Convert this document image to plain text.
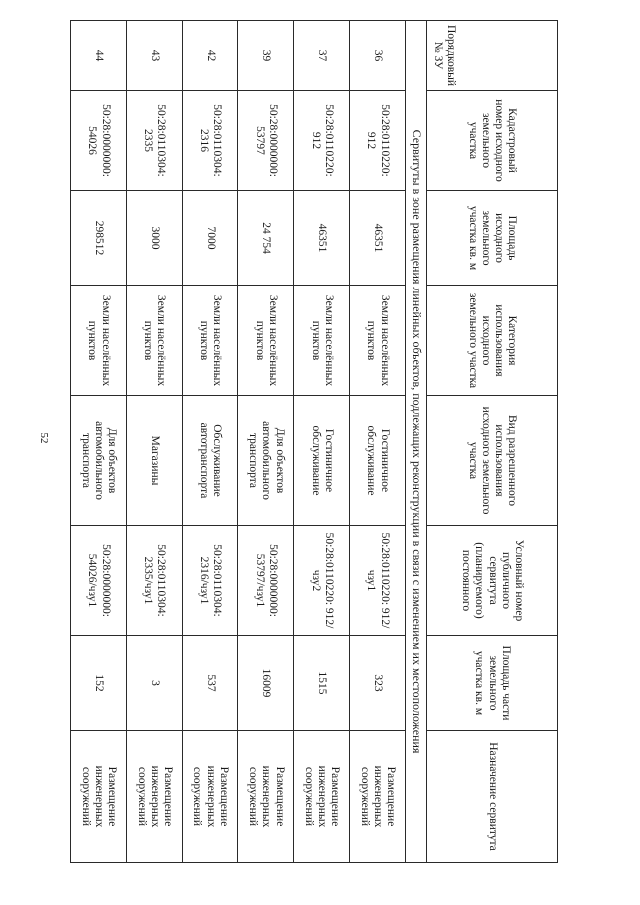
52
Порядковый № ЗУ	Кадастровый номер исходного земельного участка	Площадь исходного земельного участка кв. м	Категория использования исходного земельного участка	Вид разрешенного использования исходного земельного участка	Условный номер публичного сервитута (планируемого) постоянного	Площадь части земельного участка кв. м	Назначение сервитута
Сервитуты в зоне размещения линейных объектов, подлежащих реконструкции в связи с изменением их местоположения							
36	50:28:0110220: 912	46351	Земли населённых пунктов	Гостиничное обслуживание	50:28:0110220: 912/чзу1	323	Размещение инженерных сооружений
37	50:28:0110220: 912	46351	Земли населённых пунктов	Гостиничное обслуживание	50:28:0110220: 912/чзу2	1515	Размещение инженерных сооружений
39	50:28:0000000: 53797	24 754	Земли населённых пунктов	Для объектов автомобильного транспорта	50:28:0000000: 53797/чзу1	16009	Размещение инженерных сооружений
42	50:28:0110304: 2316	7000	Земли населённых пунктов	Обслуживание автотранспорта	50:28:0110304: 2316/чзу1	537	Размещение инженерных сооружений
43	50:28:0110304: 2335	3000	Земли населённых пунктов	Магазины	50:28:0110304: 2335/чзу1	3	Размещение инженерных сооружений
44	50:28:0000000: 54026	298512	Земли населённых пунктов	Для объектов автомобильного транспорта	50:28:0000000: 54026/чзу1	152	Размещение инженерных сооружений
